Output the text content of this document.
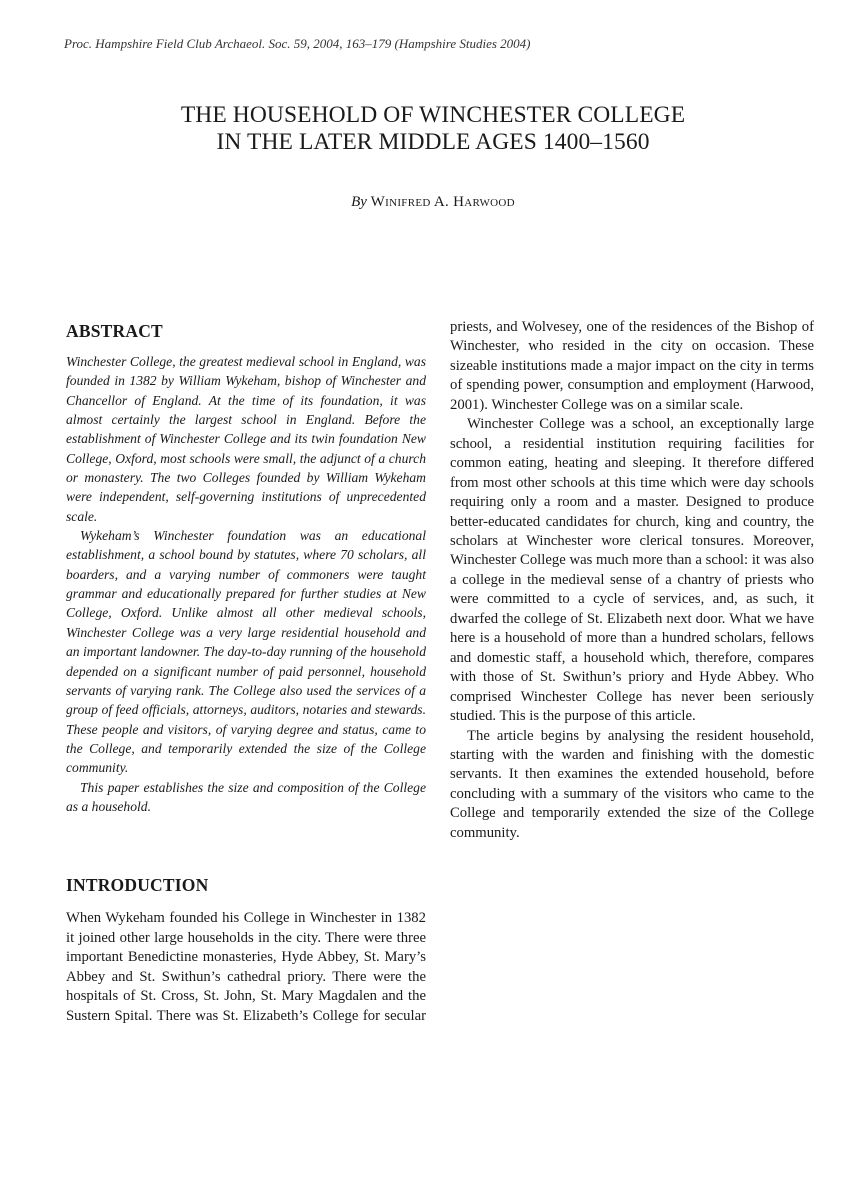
Proc. Hampshire Field Club Archaeol. Soc. 59, 2004, 163–179 (Hampshire Studies 2004)
THE HOUSEHOLD OF WINCHESTER COLLEGE
IN THE LATER MIDDLE AGES 1400–1560
By Winifred A. Harwood
ABSTRACT

Winchester College, the greatest medieval school in England, was founded in 1382 by William Wykeham, bishop of Winchester and Chancellor of England. At the time of its foundation, it was almost certainly the largest school in England. Before the establishment of Winchester College and its twin foundation New College, Oxford, most schools were small, the adjunct of a church or monastery. The two Colleges founded by William Wykeham were independent, self-governing institutions of unprecedented scale.

Wykeham’s Winchester foundation was an educational establishment, a school bound by statutes, where 70 scholars, all boarders, and a varying number of commoners were taught grammar and educationally prepared for further studies at New College, Oxford. Unlike almost all other medieval schools, Winchester College was a very large residential household and an important landowner. The day-to-day running of the household depended on a significant number of paid personnel, household servants of varying rank. The College also used the services of a group of feed officials, attorneys, auditors, notaries and stewards. These people and visitors, of varying degree and status, came to the College, and temporarily extended the size of the College community.

This paper establishes the size and composition of the College as a household.

INTRODUCTION

When Wykeham founded his College in Winchester in 1382 it joined other large households in the city. There were three important Benedictine monasteries, Hyde Abbey, St. Mary’s Abbey and St. Swithun’s cathedral priory. There were the hospitals of St. Cross, St. John, St. Mary Magdalen and the Sustern Spital. There was St. Elizabeth’s College for secular

priests, and Wolvesey, one of the residences of the Bishop of Winchester, who resided in the city on occasion. These sizeable institutions made a major impact on the city in terms of spending power, consumption and employment (Harwood, 2001). Winchester College was on a similar scale.

Winchester College was a school, an exceptionally large school, a residential institution requiring facilities for common eating, heating and sleeping. It therefore differed from most other schools at this time which were day schools requiring only a room and a master. Designed to produce better-educated candidates for church, king and country, the scholars at Winchester wore clerical tonsures. Moreover, Winchester College was much more than a school: it was also a college in the medieval sense of a chantry of priests who were committed to a cycle of services, and, as such, it dwarfed the college of St. Elizabeth next door. What we have here is a household of more than a hundred scholars, fellows and domestic staff, a household which, therefore, compares with those of St. Swithun’s priory and Hyde Abbey. Who comprised Winchester College has never been seriously studied. This is the purpose of this article.

The article begins by analysing the resident household, starting with the warden and finishing with the domestic servants. It then examines the extended household, before concluding with a summary of the visitors who came to the College and temporarily extended the size of the College community.
